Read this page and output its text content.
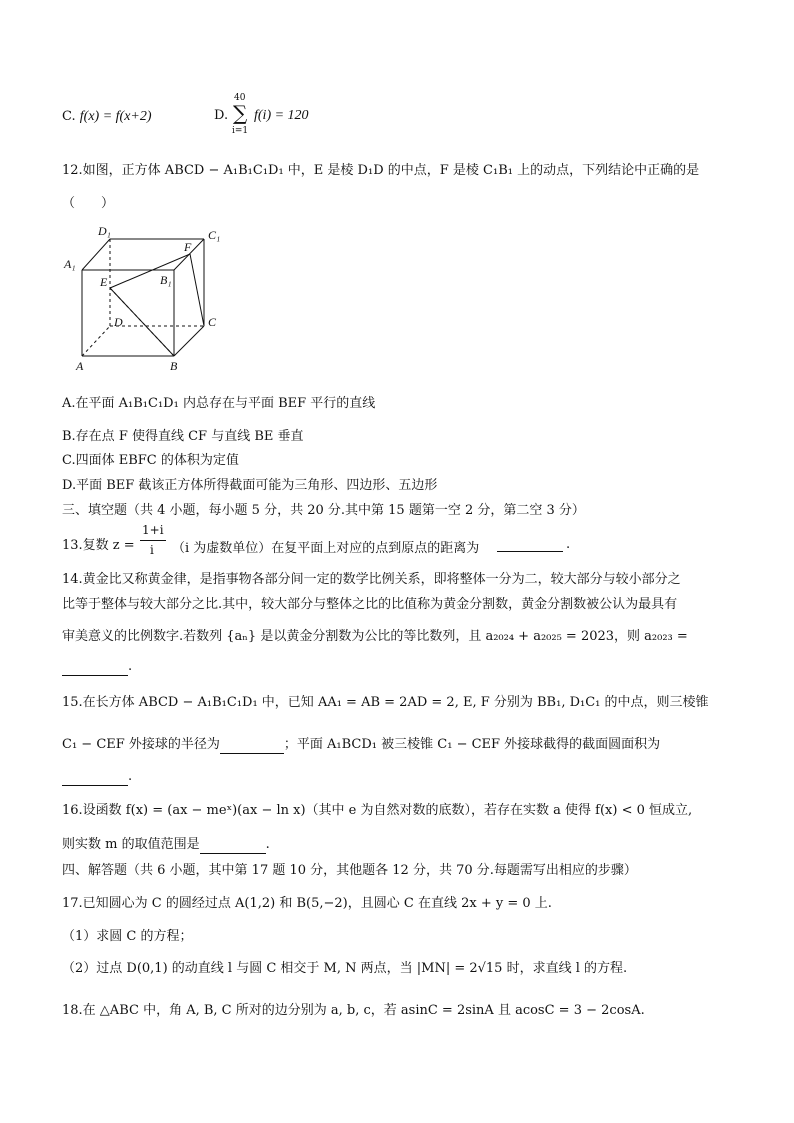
C. f(x) = f(x+2)	D.
40
∑
i=1
f(i) = 120
12.如图，正方体 ABCD − A₁B₁C₁D₁ 中，E 是棱 D₁D 的中点，F 是棱 C₁B₁ 上的动点，下列结论中正确的是
（　　）
D₁	C₁
F
A₁
E	B₁
D	C
A	B
A.在平面 A₁B₁C₁D₁ 内总存在与平面 BEF 平行的直线
B.存在点 F 使得直线 CF 与直线 BE 垂直
C.四面体 EBFC 的体积为定值
D.平面 BEF 截该正方体所得截面可能为三角形、四边形、五边形
三、填空题（共 4 小题，每小题 5 分，共 20 分.其中第 15 题第一空 2 分，第二空 3 分）
13.复数 z =
1+i
i （i 为虚数单位）在复平面上对应的点到原点的距离为	.
14.黄金比又称黄金律，是指事物各部分间一定的数学比例关系，即将整体一分为二，较大部分与较小部分之
比等于整体与较大部分之比.其中，较大部分与整体之比的比值称为黄金分割数，黄金分割数被公认为最具有
审美意义的比例数字.若数列 {aₙ} 是以黄金分割数为公比的等比数列，且 a₂₀₂₄ + a₂₀₂₅ = 2023，则 a₂₀₂₃ =
.
15.在长方体 ABCD − A₁B₁C₁D₁ 中，已知 AA₁ = AB = 2AD = 2, E, F 分别为 BB₁, D₁C₁ 的中点，则三棱锥
C₁ − CEF 外接球的半径为	；平面 A₁BCD₁ 被三棱锥 C₁ − CEF 外接球截得的截面圆面积为
.
16.设函数 f(x) = (ax − meˣ)(ax − ln x)（其中 e 为自然对数的底数），若存在实数 a 使得 f(x) < 0 恒成立,
则实数 m 的取值范围是	.
四、解答题（共 6 小题，其中第 17 题 10 分，其他题各 12 分，共 70 分.每题需写出相应的步骤）
17.已知圆心为 C 的圆经过点 A(1,2) 和 B(5,−2)，且圆心 C 在直线 2x + y = 0 上.
（1）求圆 C 的方程；
（2）过点 D(0,1) 的动直线 l 与圆 C 相交于 M, N 两点，当 |MN| = 2√15 时，求直线 l 的方程.
18.在 △ABC 中，角 A, B, C 所对的边分别为 a, b, c，若 asinC = 2sinA 且 acosC = 3 − 2cosA.
